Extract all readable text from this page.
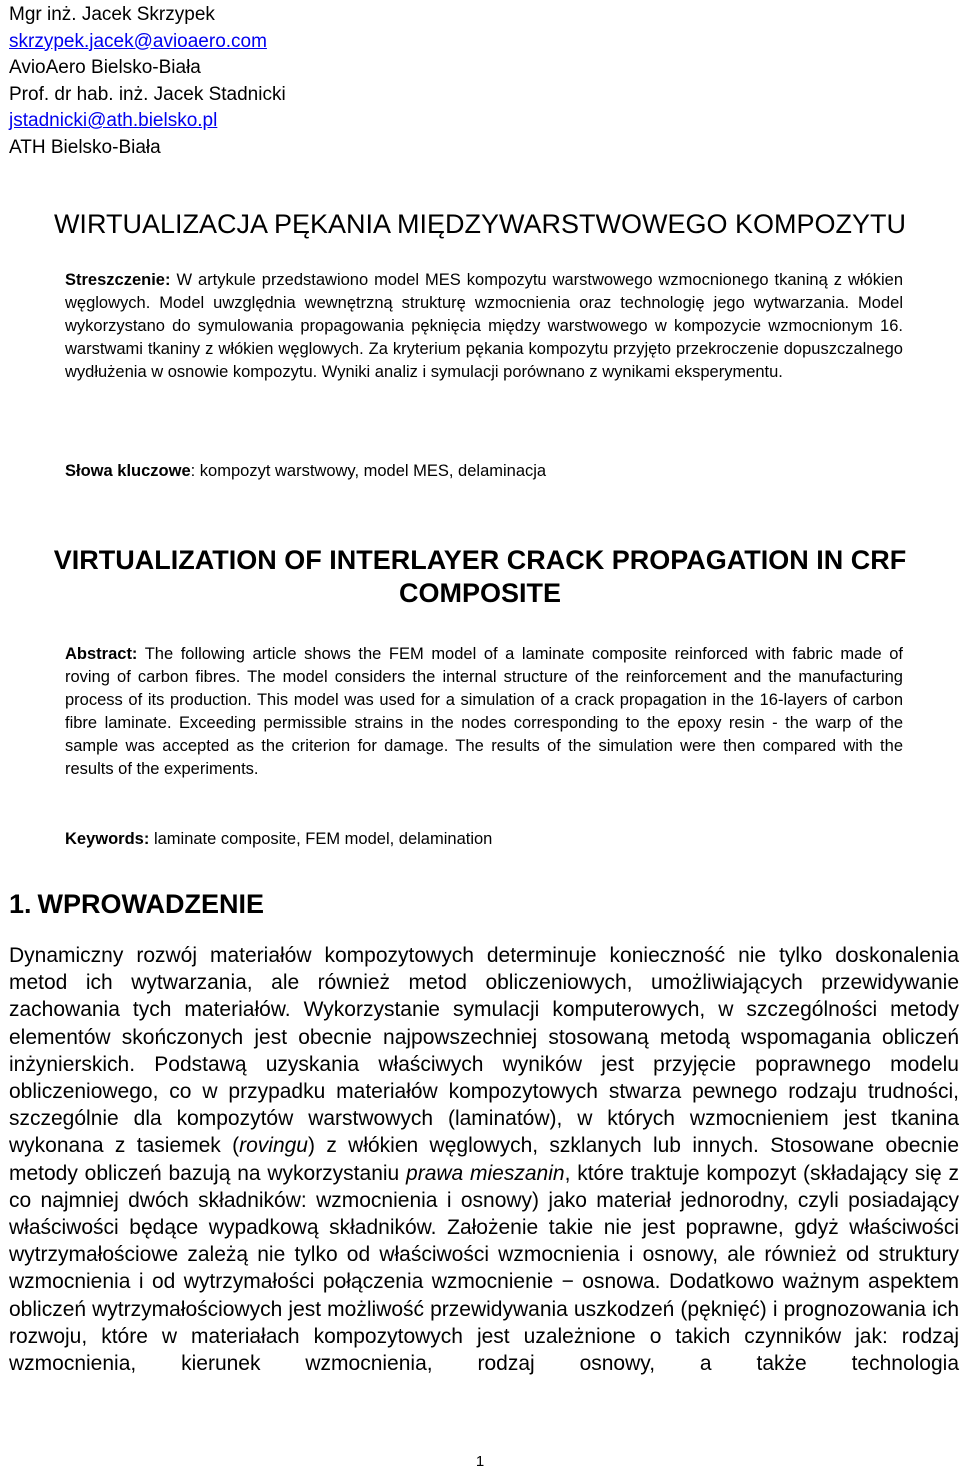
Mgr inż. Jacek Skrzypek
skrzypek.jacek@avioaero.com
AvioAero Bielsko-Biała
Prof. dr hab. inż. Jacek Stadnicki
jstadnicki@ath.bielsko.pl
ATH Bielsko-Biała
WIRTUALIZACJA PĘKANIA MIĘDZYWARSTWOWEGO KOMPOZYTU
Streszczenie: W artykule przedstawiono model MES kompozytu warstwowego wzmocnionego tkaniną z włókien węglowych. Model uwzględnia wewnętrzną strukturę wzmocnienia oraz technologię jego wytwarzania. Model wykorzystano do symulowania propagowania pęknięcia między warstwowego w kompozycie wzmocnionym 16. warstwami tkaniny z włókien węglowych. Za kryterium pękania kompozytu przyjęto przekroczenie dopuszczalnego wydłużenia w osnowie kompozytu. Wyniki analiz i symulacji porównano z wynikami eksperymentu.
Słowa kluczowe: kompozyt warstwowy, model MES, delaminacja
VIRTUALIZATION OF INTERLAYER CRACK PROPAGATION IN CRF COMPOSITE
Abstract: The following article shows the FEM model of a laminate composite reinforced with fabric made of roving of carbon fibres. The model considers the internal structure of the reinforcement and the manufacturing process of its production. This model was used for a simulation of a crack propagation in the 16-layers of carbon fibre laminate. Exceeding permissible strains in the nodes corresponding to the epoxy resin - the warp of the sample was accepted as the criterion for damage. The results of the simulation were then compared with the results of the experiments.
Keywords: laminate composite, FEM model, delamination
1. WPROWADZENIE
Dynamiczny rozwój materiałów kompozytowych determinuje konieczność nie tylko doskonalenia metod ich wytwarzania, ale również metod obliczeniowych, umożliwiających przewidywanie zachowania tych materiałów. Wykorzystanie symulacji komputerowych, w szczególności metody elementów skończonych jest obecnie najpowszechniej stosowaną metodą wspomagania obliczeń inżynierskich. Podstawą uzyskania właściwych wyników jest przyjęcie poprawnego modelu obliczeniowego, co w przypadku materiałów kompozytowych stwarza pewnego rodzaju trudności, szczególnie dla kompozytów warstwowych (laminatów), w których wzmocnieniem jest tkanina wykonana z tasiemek (rovingu) z włókien węglowych, szklanych lub innych. Stosowane obecnie metody obliczeń bazują na wykorzystaniu prawa mieszanin, które traktuje kompozyt (składający się z co najmniej dwóch składników: wzmocnienia i osnowy) jako materiał jednorodny, czyli posiadający właściwości będące wypadkową składników. Założenie takie nie jest poprawne, gdyż właściwości wytrzymałościowe zależą nie tylko od właściwości wzmocnienia i osnowy, ale również od struktury wzmocnienia i od wytrzymałości połączenia wzmocnienie − osnowa. Dodatkowo ważnym aspektem obliczeń wytrzymałościowych jest możliwość przewidywania uszkodzeń (pęknięć) i prognozowania ich rozwoju, które w materiałach kompozytowych jest uzależnione o takich czynników jak: rodzaj wzmocnienia, kierunek wzmocnienia, rodzaj osnowy, a także technologia
1
